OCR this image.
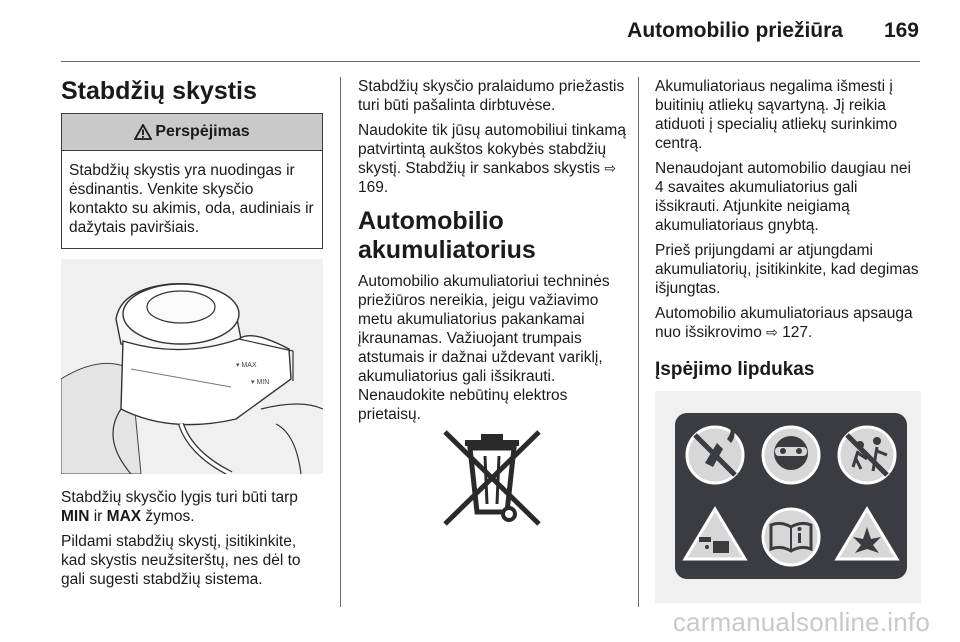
Automobilio priežiūra 169
Stabdžių skystis
Perspėjimas

Stabdžių skystis yra nuodingas ir ėsdinantis. Venkite skysčio kontakto su akimis, oda, audiniais ir dažytais paviršiais.

▾ MAX
▾ MIN

Stabdžių skysčio lygis turi būti tarp MIN ir MAX žymos.

Pildami stabdžių skystį, įsitikinkite, kad skystis neužsiteršt‍ų, nes dėl to gali sugesti stabdžių sistema.

Stabdžių skysčio pralaidumo priežastis turi būti pašalinta dirbtuvėse.

Naudokite tik jūsų automobiliui tinkamą patvirtintą aukštos kokybės stabdžių skystį. Stabdžių ir sankabos skystis ⇨ 169.

Automobilio akumuliatorius

Automobilio akumuliatoriui techninės priežiūros nereikia, jeigu važiavimo metu akumuliatorius pakankamai įkraunamas. Važiuojant trumpais atstumais ir dažnai uždevant variklį, akumuliatorius gali išsikrauti. Nenaudokite nebūtinų elektros prietaisų.

Akumuliatoriaus negalima išmesti į buitinių atliekų sąvartyną. Jį reikia atiduoti į specialių atliekų surinkimo centrą.

Nenaudojant automobilio daugiau nei 4 savaites akumuliatorius gali išsikrauti. Atjunkite neigiamą akumuliatoriaus gnybtą.

Prieš prijungdami ar atjungdami akumuliatorių, įsitikinkite, kad degimas išjungtas.

Automobilio akumuliatoriaus apsauga nuo išsikrovimo ⇨ 127.

Įspėjimo lipdukas
carmanualsonline.info
